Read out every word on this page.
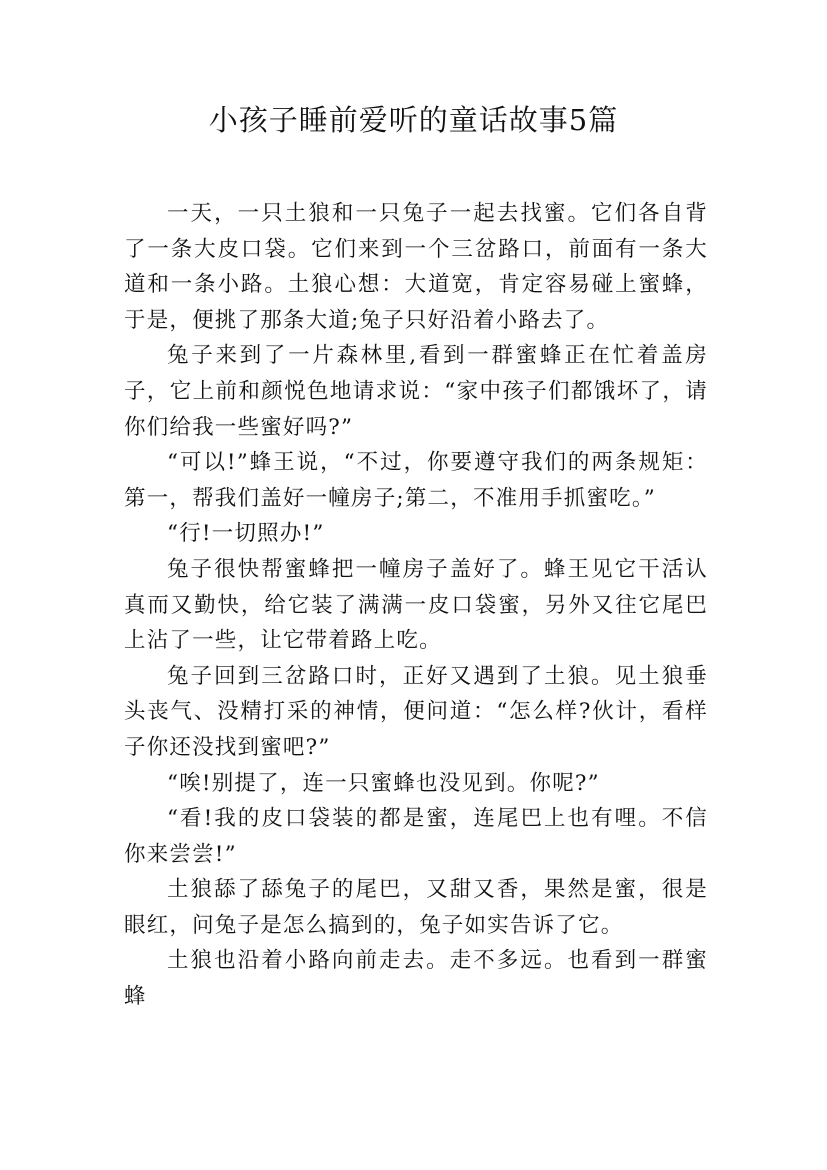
小孩子睡前爱听的童话故事5篇

一天，一只土狼和一只兔子一起去找蜜。它们各自背了一条大皮口袋。它们来到一个三岔路口，前面有一条大道和一条小路。土狼心想：大道宽，肯定容易碰上蜜蜂，于是，便挑了那条大道;兔子只好沿着小路去了。

兔子来到了一片森林里,看到一群蜜蜂正在忙着盖房子，它上前和颜悦色地请求说：“家中孩子们都饿坏了，请你们给我一些蜜好吗?”

“可以!”蜂王说，“不过，你要遵守我们的两条规矩：第一，帮我们盖好一幢房子;第二，不准用手抓蜜吃。”

“行!一切照办!”

兔子很快帮蜜蜂把一幢房子盖好了。蜂王见它干活认真而又勤快，给它装了满满一皮口袋蜜，另外又往它尾巴上沾了一些，让它带着路上吃。

兔子回到三岔路口时，正好又遇到了土狼。见土狼垂头丧气、没精打采的神情，便问道：“怎么样?伙计，看样子你还没找到蜜吧?”

“唉!别提了，连一只蜜蜂也没见到。你呢?”

“看!我的皮口袋装的都是蜜，连尾巴上也有哩。不信你来尝尝!”

土狼舔了舔兔子的尾巴，又甜又香，果然是蜜，很是眼红，问兔子是怎么搞到的，兔子如实告诉了它。

土狼也沿着小路向前走去。走不多远。也看到一群蜜蜂
